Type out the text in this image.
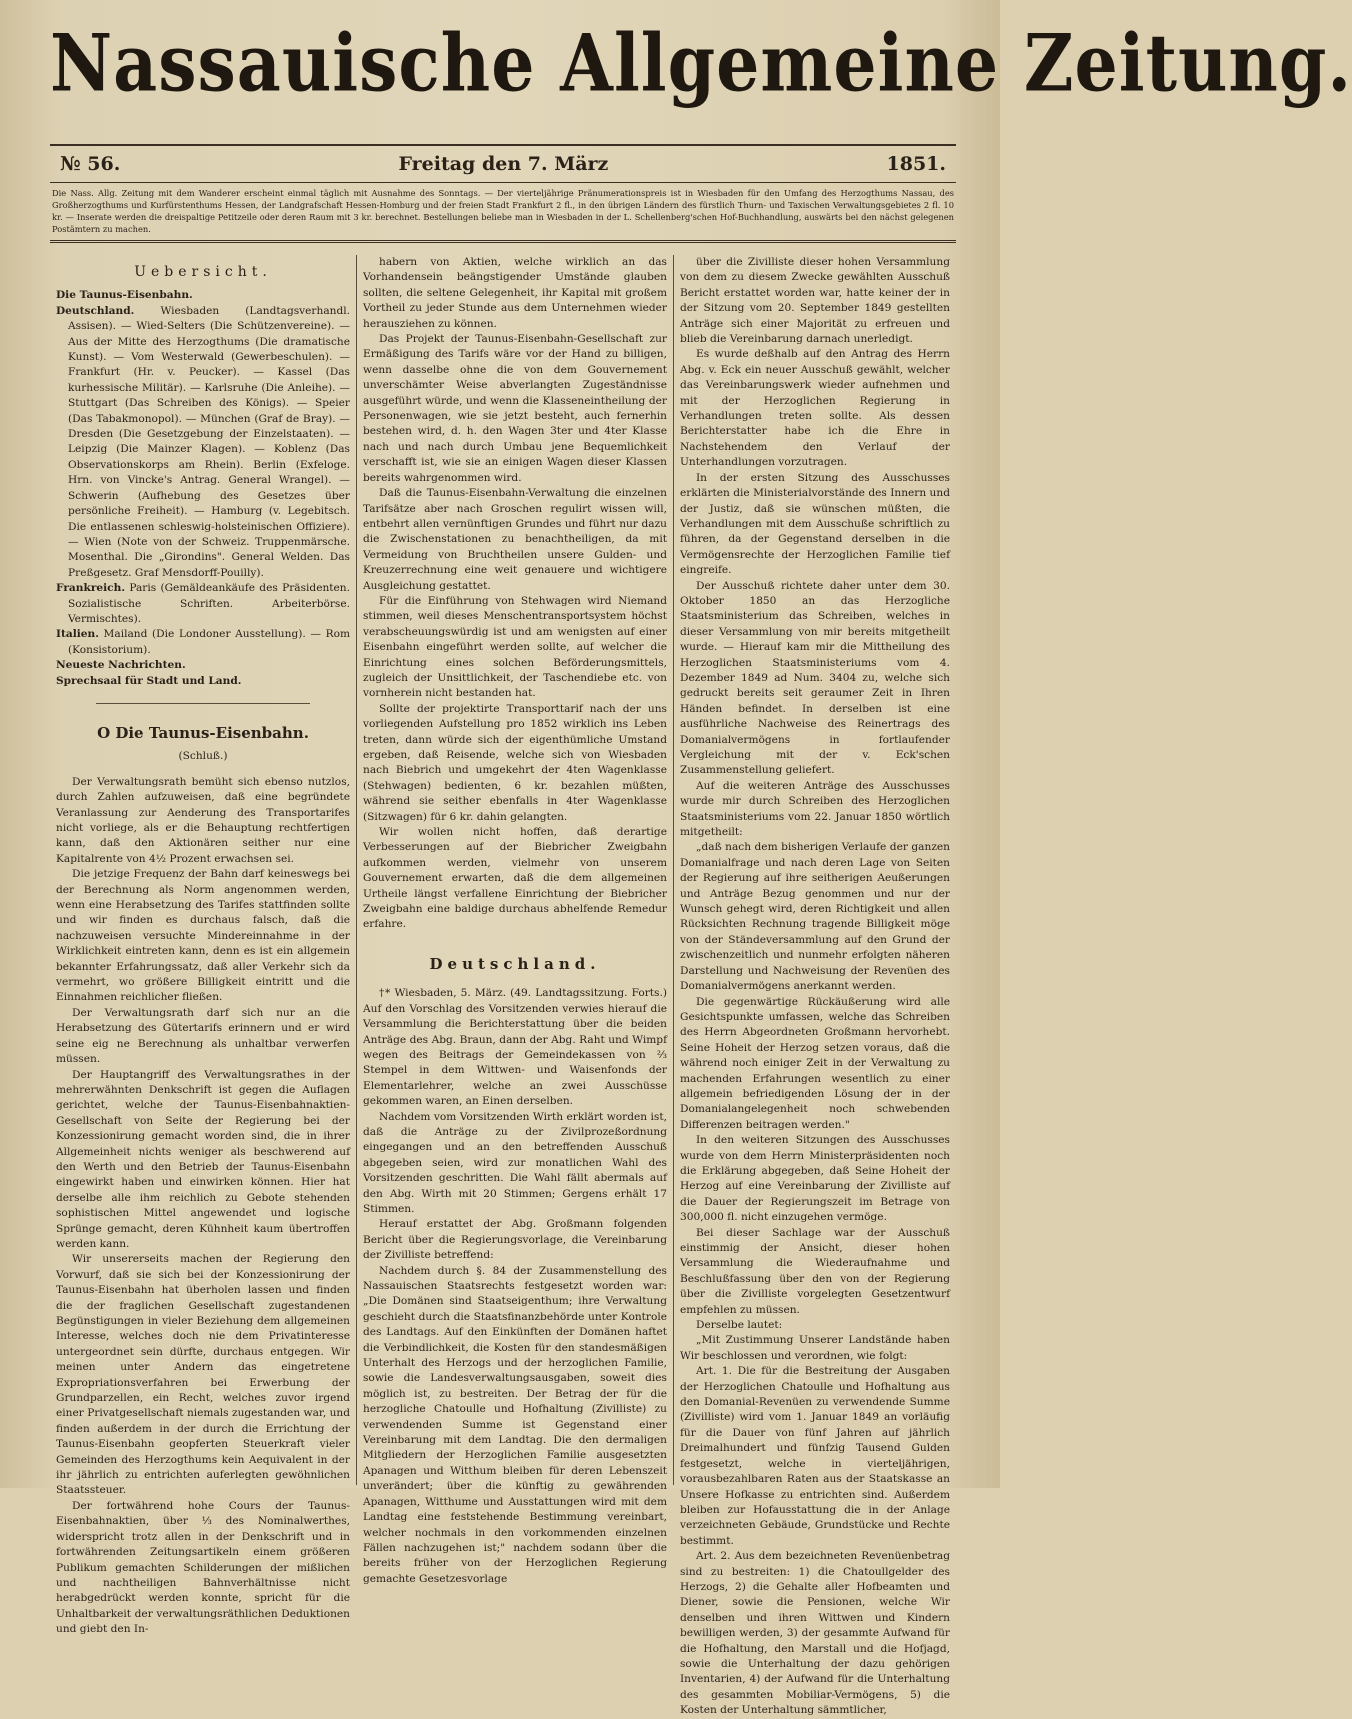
Nassauische Allgemeine Zeitung.
№ 56.	Freitag den 7. März	1851.
Die Nass. Allg. Zeitung mit dem Wanderer erscheint einmal täglich mit Ausnahme des Sonntags. — Der vierteljährige Pränumerationspreis ist in Wiesbaden für den Umfang des Herzogthums Nassau, des Großherzogthums und Kurfürstenthums Hessen, der Landgrafschaft Hessen-Homburg und der freien Stadt Frankfurt 2 fl., in den übrigen Ländern des fürstlich Thurn- und Taxischen Verwaltungsgebietes 2 fl. 10 kr. — Inserate werden die dreispaltige Petitzeile oder deren Raum mit 3 kr. berechnet. Bestellungen beliebe man in Wiesbaden in der L. Schellenberg'schen Hof-Buchhandlung, auswärts bei den nächst gelegenen Postämtern zu machen.
Uebersicht.

Die Taunus-Eisenbahn.

Deutschland. Wiesbaden (Landtagsverhandl. Assisen). — Wied-Selters (Die Schützenvereine). — Aus der Mitte des Herzogthums (Die dramatische Kunst). — Vom Westerwald (Gewerbeschulen). — Frankfurt (Hr. v. Peucker). — Kassel (Das kurhessische Militär). — Karlsruhe (Die Anleihe). — Stuttgart (Das Schreiben des Königs). — Speier (Das Tabakmonopol). — München (Graf de Bray). — Dresden (Die Gesetzgebung der Einzelstaaten). — Leipzig (Die Mainzer Klagen). — Koblenz (Das Observationskorps am Rhein). Berlin (Exfeloge. Hrn. von Vincke's Antrag. General Wrangel). — Schwerin (Aufhebung des Gesetzes über persönliche Freiheit). — Hamburg (v. Legebitsch. Die entlassenen schleswig-holsteinischen Offiziere). — Wien (Note von der Schweiz. Truppenmärsche. Mosenthal. Die „Girondins". General Welden. Das Preßgesetz. Graf Mensdorff-Pouilly).

Frankreich. Paris (Gemäldeankäufe des Präsidenten. Sozialistische Schriften. Arbeiterbörse. Vermischtes).

Italien. Mailand (Die Londoner Ausstellung). — Rom (Konsistorium).

Neueste Nachrichten.

Sprechsaal für Stadt und Land.

O Die Taunus-Eisenbahn.
(Schluß.)

Der Verwaltungsrath bemüht sich ebenso nutzlos, durch Zahlen aufzuweisen, daß eine begründete Veranlassung zur Aenderung des Transportarifes nicht vorliege, als er die Behauptung rechtfertigen kann, daß den Aktionären seither nur eine Kapitalrente von 4½ Prozent erwachsen sei.

Die jetzige Frequenz der Bahn darf keineswegs bei der Berechnung als Norm angenommen werden, wenn eine Herabsetzung des Tarifes stattfinden sollte und wir finden es durchaus falsch, daß die nachzuweisen versuchte Mindereinnahme in der Wirklichkeit eintreten kann, denn es ist ein allgemein bekannter Erfahrungssatz, daß aller Verkehr sich da vermehrt, wo größere Billigkeit eintritt und die Einnahmen reichlicher fließen.

Der Verwaltungsrath darf sich nur an die Herabsetzung des Gütertarifs erinnern und er wird seine eig ne Berechnung als unhaltbar verwerfen müssen.

Der Hauptangriff des Verwaltungsrathes in der mehrerwähnten Denkschrift ist gegen die Auflagen gerichtet, welche der Taunus-Eisenbahnaktien-Gesellschaft von Seite der Regierung bei der Konzessionirung gemacht worden sind, die in ihrer Allgemeinheit nichts weniger als beschwerend auf den Werth und den Betrieb der Taunus-Eisenbahn eingewirkt haben und einwirken können. Hier hat derselbe alle ihm reichlich zu Gebote stehenden sophistischen Mittel angewendet und logische Sprünge gemacht, deren Kühnheit kaum übertroffen werden kann.

Wir unsererseits machen der Regierung den Vorwurf, daß sie sich bei der Konzessionirung der Taunus-Eisenbahn hat überholen lassen und finden die der fraglichen Gesellschaft zugestandenen Begünstigungen in vieler Beziehung dem allgemeinen Interesse, welches doch nie dem Privatinteresse untergeordnet sein dürfte, durchaus entgegen. Wir meinen unter Andern das eingetretene Expropriationsverfahren bei Erwerbung der Grundparzellen, ein Recht, welches zuvor irgend einer Privatgesellschaft niemals zugestanden war, und finden außerdem in der durch die Errichtung der Taunus-Eisenbahn geopferten Steuerkraft vieler Gemeinden des Herzogthums kein Aequivalent in der ihr jährlich zu entrichten auferlegten gewöhnlichen Staatssteuer.

Der fortwährend hohe Cours der Taunus-Eisenbahnaktien, über ⅓ des Nominalwerthes, widerspricht trotz allen in der Denkschrift und in fortwährenden Zeitungsartikeln einem größeren Publikum gemachten Schilderungen der mißlichen und nachtheiligen Bahnverhältnisse nicht herabgedrückt werden konnte, spricht für die Unhaltbarkeit der verwaltungsräthlichen Deduktionen und giebt den In-

habern von Aktien, welche wirklich an das Vorhandensein beängstigender Umstände glauben sollten, die seltene Gelegenheit, ihr Kapital mit großem Vortheil zu jeder Stunde aus dem Unternehmen wieder herausziehen zu können.

Das Projekt der Taunus-Eisenbahn-Gesellschaft zur Ermäßigung des Tarifs wäre vor der Hand zu billigen, wenn dasselbe ohne die von dem Gouvernement unverschämter Weise abverlangten Zugeständnisse ausgeführt würde, und wenn die Klasseneintheilung der Personenwagen, wie sie jetzt besteht, auch fernerhin bestehen wird, d. h. den Wagen 3ter und 4ter Klasse nach und nach durch Umbau jene Bequemlichkeit verschafft ist, wie sie an einigen Wagen dieser Klassen bereits wahrgenommen wird.

Daß die Taunus-Eisenbahn-Verwaltung die einzelnen Tarifsätze aber nach Groschen regulirt wissen will, entbehrt allen vernünftigen Grundes und führt nur dazu die Zwischenstationen zu benachtheiligen, da mit Vermeidung von Bruchtheilen unsere Gulden- und Kreuzerrechnung eine weit genauere und wichtigere Ausgleichung gestattet.

Für die Einführung von Stehwagen wird Niemand stimmen, weil dieses Menschentransportsystem höchst verabscheuungswürdig ist und am wenigsten auf einer Eisenbahn eingeführt werden sollte, auf welcher die Einrichtung eines solchen Beförderungsmittels, zugleich der Unsittlichkeit, der Taschendiebe etc. von vornherein nicht bestanden hat.

Sollte der projektirte Transporttarif nach der uns vorliegenden Aufstellung pro 1852 wirklich ins Leben treten, dann würde sich der eigenthümliche Umstand ergeben, daß Reisende, welche sich von Wiesbaden nach Biebrich und umgekehrt der 4ten Wagenklasse (Stehwagen) bedienten, 6 kr. bezahlen müßten, während sie seither ebenfalls in 4ter Wagenklasse (Sitzwagen) für 6 kr. dahin gelangten.

Wir wollen nicht hoffen, daß derartige Verbesserungen auf der Biebricher Zweigbahn aufkommen werden, vielmehr von unserem Gouvernement erwarten, daß die dem allgemeinen Urtheile längst verfallene Einrichtung der Biebricher Zweigbahn eine baldige durchaus abhelfende Remedur erfahre.

Deutschland.

†* Wiesbaden, 5. März. (49. Landtagssitzung. Forts.) Auf den Vorschlag des Vorsitzenden verwies hierauf die Versammlung die Berichterstattung über die beiden Anträge des Abg. Braun, dann der Abg. Raht und Wimpf wegen des Beitrags der Gemeindekassen von ⅔ Stempel in dem Wittwen- und Waisenfonds der Elementarlehrer, welche an zwei Ausschüsse gekommen waren, an Einen derselben.

Nachdem vom Vorsitzenden Wirth erklärt worden ist, daß die Anträge zu der Zivilprozeßordnung eingegangen und an den betreffenden Ausschuß abgegeben seien, wird zur monatlichen Wahl des Vorsitzenden geschritten. Die Wahl fällt abermals auf den Abg. Wirth mit 20 Stimmen; Gergens erhält 17 Stimmen.

Herauf erstattet der Abg. Großmann folgenden Bericht über die Regierungsvorlage, die Vereinbarung der Zivilliste betreffend:

Nachdem durch §. 84 der Zusammenstellung des Nassauischen Staatsrechts festgesetzt worden war: „Die Domänen sind Staatseigenthum; ihre Verwaltung geschieht durch die Staatsfinanzbehörde unter Kontrole des Landtags. Auf den Einkünften der Domänen haftet die Verbindlichkeit, die Kosten für den standesmäßigen Unterhalt des Herzogs und der herzoglichen Familie, sowie die Landesverwaltungsausgaben, soweit dies möglich ist, zu bestreiten. Der Betrag der für die herzogliche Chatoulle und Hofhaltung (Zivilliste) zu verwendenden Summe ist Gegenstand einer Vereinbarung mit dem Landtag. Die den dermaligen Mitgliedern der Herzoglichen Familie ausgesetzten Apanagen und Witthum bleiben für deren Lebenszeit unverändert; über die künftig zu gewährenden Apanagen, Witthume und Ausstattungen wird mit dem Landtag eine feststehende Bestimmung vereinbart, welcher nochmals in den vorkommenden einzelnen Fällen nachzugehen ist;" nachdem sodann über die bereits früher von der Herzoglichen Regierung gemachte Gesetzesvorlage

über die Zivilliste dieser hohen Versammlung von dem zu diesem Zwecke gewählten Ausschuß Bericht erstattet worden war, hatte keiner der in der Sitzung vom 20. September 1849 gestellten Anträge sich einer Majorität zu erfreuen und blieb die Vereinbarung darnach unerledigt.

Es wurde deßhalb auf den Antrag des Herrn Abg. v. Eck ein neuer Ausschuß gewählt, welcher das Vereinbarungswerk wieder aufnehmen und mit der Herzoglichen Regierung in Verhandlungen treten sollte. Als dessen Berichterstatter habe ich die Ehre in Nachstehendem den Verlauf der Unterhandlungen vorzutragen.

In der ersten Sitzung des Ausschusses erklärten die Ministerialvorstände des Innern und der Justiz, daß sie wünschen müßten, die Verhandlungen mit dem Ausschuße schriftlich zu führen, da der Gegenstand derselben in die Vermögensrechte der Herzoglichen Familie tief eingreife.

Der Ausschuß richtete daher unter dem 30. Oktober 1850 an das Herzogliche Staatsministerium das Schreiben, welches in dieser Versammlung von mir bereits mitgetheilt wurde. — Hierauf kam mir die Mittheilung des Herzoglichen Staatsministeriums vom 4. Dezember 1849 ad Num. 3404 zu, welche sich gedruckt bereits seit geraumer Zeit in Ihren Händen befindet. In derselben ist eine ausführliche Nachweise des Reinertrags des Domanialvermögens in fortlaufender Vergleichung mit der v. Eck'schen Zusammenstellung geliefert.

Auf die weiteren Anträge des Ausschusses wurde mir durch Schreiben des Herzoglichen Staatsministeriums vom 22. Januar 1850 wörtlich mitgetheilt:

„daß nach dem bisherigen Verlaufe der ganzen Domanialfrage und nach deren Lage von Seiten der Regierung auf ihre seitherigen Aeußerungen und Anträge Bezug genommen und nur der Wunsch gehegt wird, deren Richtigkeit und allen Rücksichten Rechnung tragende Billigkeit möge von der Ständeversammlung auf den Grund der zwischenzeitlich und nunmehr erfolgten näheren Darstellung und Nachweisung der Revenüen des Domanialvermögens anerkannt werden.

Die gegenwärtige Rückäußerung wird alle Gesichtspunkte umfassen, welche das Schreiben des Herrn Abgeordneten Großmann hervorhebt. Seine Hoheit der Herzog setzen voraus, daß die während noch einiger Zeit in der Verwaltung zu machenden Erfahrungen wesentlich zu einer allgemein befriedigenden Lösung der in der Domanialangelegenheit noch schwebenden Differenzen beitragen werden."

In den weiteren Sitzungen des Ausschusses wurde von dem Herrn Ministerpräsidenten noch die Erklärung abgegeben, daß Seine Hoheit der Herzog auf eine Vereinbarung der Zivilliste auf die Dauer der Regierungszeit im Betrage von 300,000 fl. nicht einzugehen vermöge.

Bei dieser Sachlage war der Ausschuß einstimmig der Ansicht, dieser hohen Versammlung die Wiederaufnahme und Beschlußfassung über den von der Regierung über die Zivilliste vorgelegten Gesetzentwurf empfehlen zu müssen.

Derselbe lautet:

„Mit Zustimmung Unserer Landstände haben Wir beschlossen und verordnen, wie folgt:

Art. 1. Die für die Bestreitung der Ausgaben der Herzoglichen Chatoulle und Hofhaltung aus den Domanial-Revenüen zu verwendende Summe (Zivilliste) wird vom 1. Januar 1849 an vorläufig für die Dauer von fünf Jahren auf jährlich Dreimalhundert und fünfzig Tausend Gulden festgesetzt, welche in vierteljährigen, vorausbezahlbaren Raten aus der Staatskasse an Unsere Hofkasse zu entrichten sind. Außerdem bleiben zur Hofausstattung die in der Anlage verzeichneten Gebäude, Grundstücke und Rechte bestimmt.

Art. 2. Aus dem bezeichneten Revenüenbetrag sind zu bestreiten: 1) die Chatoullgelder des Herzogs, 2) die Gehalte aller Hofbeamten und Diener, sowie die Pensionen, welche Wir denselben und ihren Wittwen und Kindern bewilligen werden, 3) der gesammte Aufwand für die Hofhaltung, den Marstall und die Hofjagd, sowie die Unterhaltung der dazu gehörigen Inventarien, 4) der Aufwand für die Unterhaltung des gesammten Mobiliar-Vermögens, 5) die Kosten der Unterhaltung sämmtlicher,
